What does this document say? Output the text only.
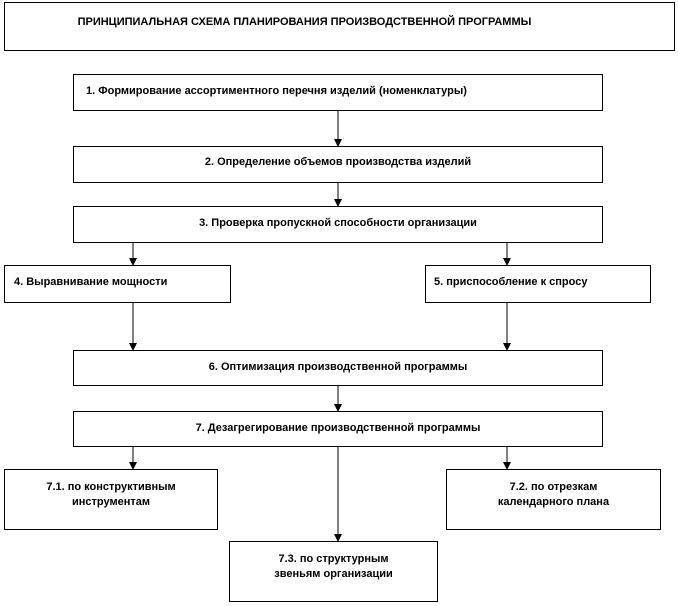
ПРИНЦИПИАЛЬНАЯ СХЕМА ПЛАНИРОВАНИЯ ПРОИЗВОДСТВЕННОЙ ПРОГРАММЫ
1. Формирование ассортиментного перечня изделий (номенклатуры)
2. Определение объемов производства изделий
3. Проверка пропускной способности организации
4. Выравнивание мощности	5. приспособление к спросу
6. Оптимизация производственной программы
7. Дезагрегирование производственной программы
7.1. по конструктивным
инструментам
7.2. по отрезкам
календарного плана
7.3. по структурным
звеньям организации
